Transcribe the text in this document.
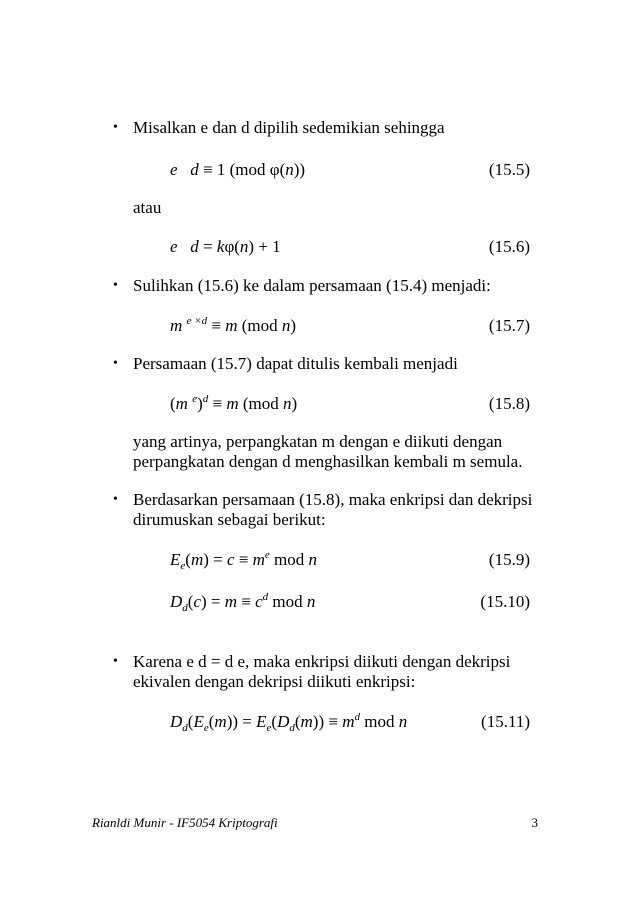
• Misalkan e dan d dipilih sedemikian sehingga
e d ≡ 1 (mod φ(n))	(15.5)
atau
e d = kφ(n) + 1	(15.6)
• Sulihkan (15.6) ke dalam persamaan (15.4) menjadi:
m $^{e \times d}$ ≡ m (mod n)	(15.7)
• Persamaan (15.7) dapat ditulis kembali menjadi
(m $^e$)$^d$ ≡ m (mod n)	(15.8)
yang artinya, perpangkatan m dengan e diikuti dengan
perpangkatan dengan d menghasilkan kembali m semula.
• Berdasarkan persamaan (15.8), maka enkripsi dan dekripsi
dirumuskan sebagai berikut:
$E_e(m) = c \equiv m^e$ mod n	(15.9)
$D_d(c) = m \equiv c^d$ mod n	(15.10)
• Karena e d = d e, maka enkripsi diikuti dengan dekripsi
ekivalen dengan dekripsi diikuti enkripsi:
$D_d(E_e(m)) = E_e(D_d(m)) \equiv m^d$ mod n	(15.11)
Rianldi Munir - IF5054 Kriptografi	3
